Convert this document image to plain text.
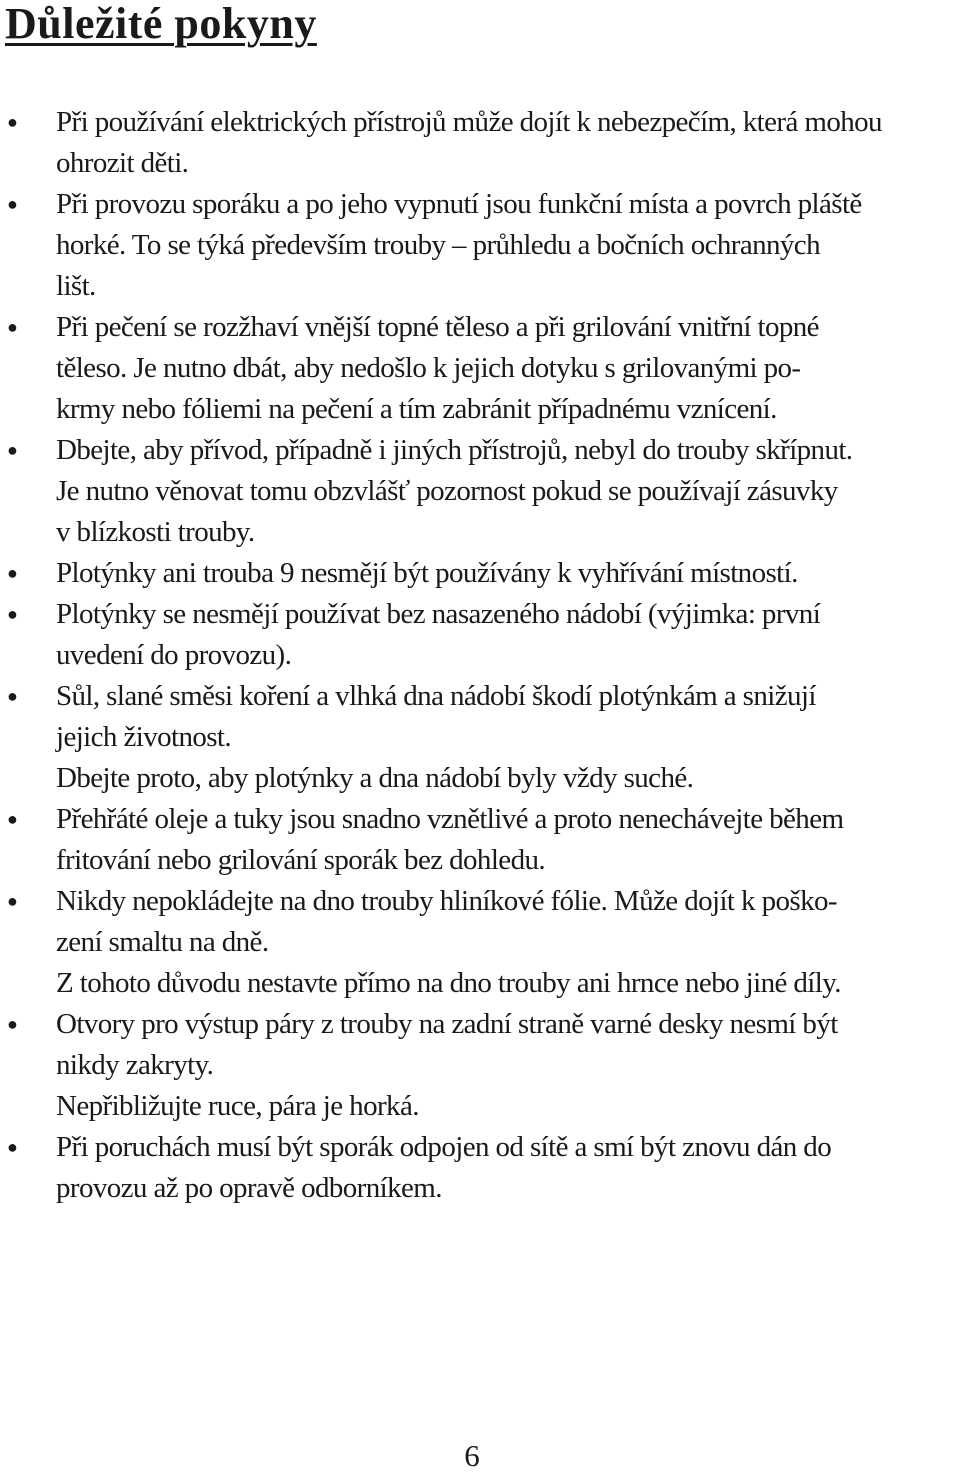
Důležité pokyny
● Při používání elektrických přístrojů může dojít k nebezpečím, která mohou
ohrozit děti.
● Při provozu sporáku a po jeho vypnutí jsou funkční místa a povrch pláště
horké. To se týká především trouby – průhledu a bočních ochranných
lišt.
● Při pečení se rozžhaví vnější topné těleso a při grilování vnitřní topné
těleso. Je nutno dbát, aby nedošlo k jejich dotyku s grilovanými po-
krmy nebo fóliemi na pečení a tím zabránit případnému vznícení.
● Dbejte, aby přívod, případně i jiných přístrojů, nebyl do trouby skřípnut.
Je nutno věnovat tomu obzvlášť pozornost pokud se používají zásuvky
v blízkosti trouby.
● Plotýnky ani trouba 9 nesmějí být používány k vyhřívání místností.
● Plotýnky se nesmějí používat bez nasazeného nádobí (výjimka: první
uvedení do provozu).
● Sůl, slané směsi koření a vlhká dna nádobí škodí plotýnkám a snižují
jejich životnost.
Dbejte proto, aby plotýnky a dna nádobí byly vždy suché.
● Přehřáté oleje a tuky jsou snadno vznětlivé a proto nenechávejte během
fritování nebo grilování sporák bez dohledu.
● Nikdy nepokládejte na dno trouby hliníkové fólie. Může dojít k poško-
zení smaltu na dně.
Z tohoto důvodu nestavte přímo na dno trouby ani hrnce nebo jiné díly.
● Otvory pro výstup páry z trouby na zadní straně varné desky nesmí být
nikdy zakryty.
Nepřibližujte ruce, pára je horká.
● Při poruchách musí být sporák odpojen od sítě a smí být znovu dán do
provozu až po opravě odborníkem.
6
